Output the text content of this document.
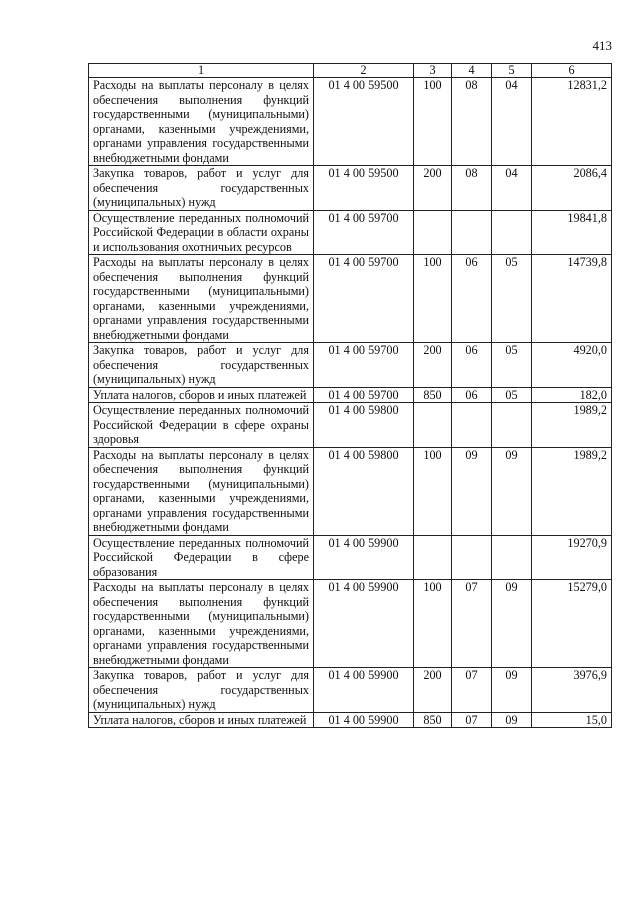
413
1	2	3	4	5	6
Расходы на выплаты персоналу в целях обеспечения выполнения функций государственными (муниципальными) органами, казенными учреждениями, органами управления государственными внебюджетными фондами	01 4 00 59500	100	08	04	12831,2
Закупка товаров, работ и услуг для обеспечения государственных (муниципальных) нужд	01 4 00 59500	200	08	04	2086,4
Осуществление переданных полномочий Российской Федерации в области охраны и использования охотничьих ресурсов	01 4 00 59700				19841,8
Расходы на выплаты персоналу в целях обеспечения выполнения функций государственными (муниципальными) органами, казенными учреждениями, органами управления государственными внебюджетными фондами	01 4 00 59700	100	06	05	14739,8
Закупка товаров, работ и услуг для обеспечения государственных (муниципальных) нужд	01 4 00 59700	200	06	05	4920,0
Уплата налогов, сборов и иных платежей	01 4 00 59700	850	06	05	182,0
Осуществление переданных полномочий Российской Федерации в сфере охраны здоровья	01 4 00 59800				1989,2
Расходы на выплаты персоналу в целях обеспечения выполнения функций государственными (муниципальными) органами, казенными учреждениями, органами управления государственными внебюджетными фондами	01 4 00 59800	100	09	09	1989,2
Осуществление переданных полномочий Российской Федерации в сфере образования	01 4 00 59900				19270,9
Расходы на выплаты персоналу в целях обеспечения выполнения функций государственными (муниципальными) органами, казенными учреждениями, органами управления государственными внебюджетными фондами	01 4 00 59900	100	07	09	15279,0
Закупка товаров, работ и услуг для обеспечения государственных (муниципальных) нужд	01 4 00 59900	200	07	09	3976,9
Уплата налогов, сборов и иных платежей	01 4 00 59900	850	07	09	15,0
